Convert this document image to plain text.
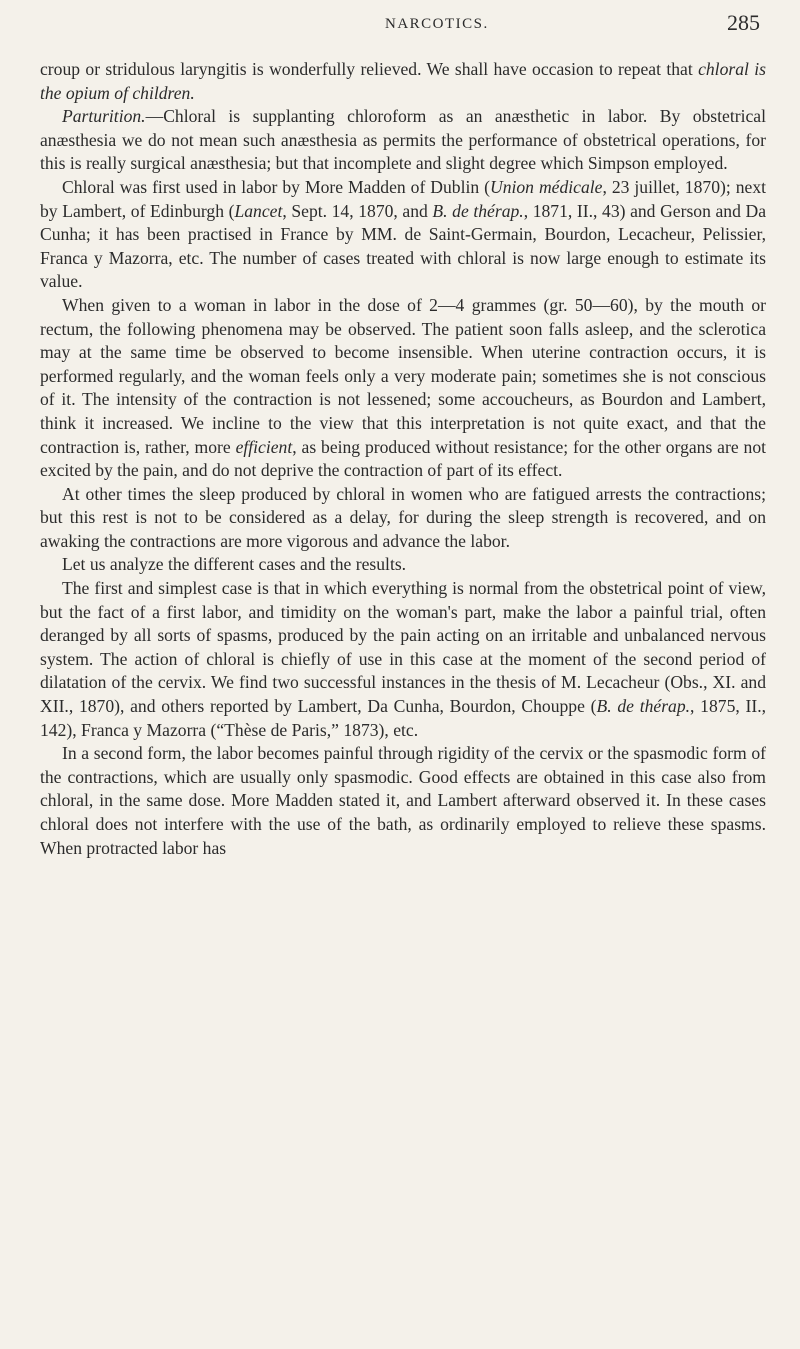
NARCOTICS.	285

croup or stridulous laryngitis is wonderfully relieved. We shall have occasion to repeat that chloral is the opium of children.

Parturition.—Chloral is supplanting chloroform as an anæsthetic in labor. By obstetrical anæsthesia we do not mean such anæsthesia as permits the performance of obstetrical operations, for this is really surgical anæsthesia; but that incomplete and slight degree which Simpson employed.

Chloral was first used in labor by More Madden of Dublin (Union médicale, 23 juillet, 1870); next by Lambert, of Edinburgh (Lancet, Sept. 14, 1870, and B. de thérap., 1871, II., 43) and Gerson and Da Cunha; it has been practised in France by MM. de Saint-Germain, Bourdon, Lecacheur, Pelissier, Franca y Mazorra, etc. The number of cases treated with chloral is now large enough to estimate its value.

When given to a woman in labor in the dose of 2—4 grammes (gr. 50—60), by the mouth or rectum, the following phenomena may be observed. The patient soon falls asleep, and the sclerotica may at the same time be observed to become insensible. When uterine contraction occurs, it is performed regularly, and the woman feels only a very moderate pain; sometimes she is not conscious of it. The intensity of the contraction is not lessened; some accoucheurs, as Bourdon and Lambert, think it increased. We incline to the view that this interpretation is not quite exact, and that the contraction is, rather, more efficient, as being produced without resistance; for the other organs are not excited by the pain, and do not deprive the contraction of part of its effect.

At other times the sleep produced by chloral in women who are fatigued arrests the contractions; but this rest is not to be considered as a delay, for during the sleep strength is recovered, and on awaking the contractions are more vigorous and advance the labor.

Let us analyze the different cases and the results.

The first and simplest case is that in which everything is normal from the obstetrical point of view, but the fact of a first labor, and timidity on the woman's part, make the labor a painful trial, often deranged by all sorts of spasms, produced by the pain acting on an irritable and unbalanced nervous system. The action of chloral is chiefly of use in this case at the moment of the second period of dilatation of the cervix. We find two successful instances in the thesis of M. Lecacheur (Obs., XI. and XII., 1870), and others reported by Lambert, Da Cunha, Bourdon, Chouppe (B. de thérap., 1875, II., 142), Franca y Mazorra (“Thèse de Paris,” 1873), etc.

In a second form, the labor becomes painful through rigidity of the cervix or the spasmodic form of the contractions, which are usually only spasmodic. Good effects are obtained in this case also from chloral, in the same dose. More Madden stated it, and Lambert afterward observed it. In these cases chloral does not interfere with the use of the bath, as ordinarily employed to relieve these spasms. When protracted labor has
